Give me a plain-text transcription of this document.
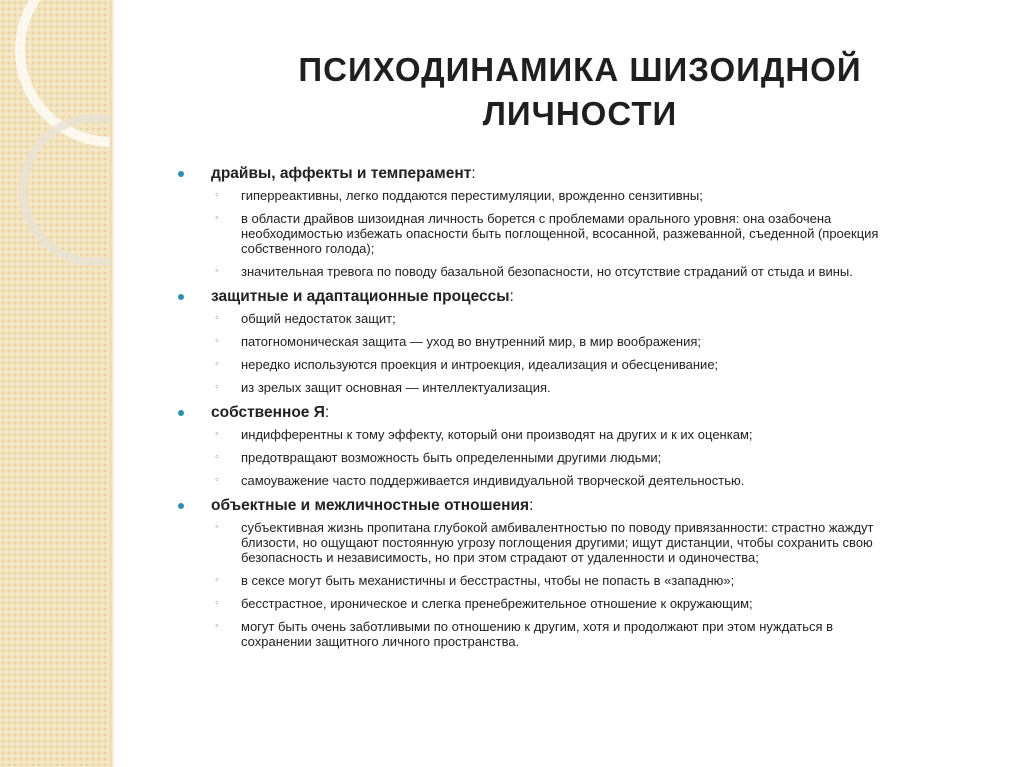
ПСИХОДИНАМИКА ШИЗОИДНОЙ
ЛИЧНОСТИ
драйвы, аффекты и темперамент:
◦ гиперреактивны, легко поддаются перестимуляции, врожденно сензитивны;
◦ в области драйвов шизоидная личность борется с проблемами орального уровня: она озабочена
необходимостью избежать опасности быть поглощенной, всосанной, разжеванной, съеденной (проекция
собственного голода);
◦ значительная тревога по поводу базальной безопасности, но отсутствие страданий от стыда и вины.
защитные и адаптационные процессы:
◦ общий недостаток защит;
◦ патогномоническая защита — уход во внутренний мир, в мир воображения;
◦ нередко используются проекция и интроекция, идеализация и обесценивание;
◦ из зрелых защит основная — интеллектуализация.
собственное Я:
◦ индифферентны к тому эффекту, который они производят на других и к их оценкам;
◦ предотвращают возможность быть определенными другими людьми;
◦ самоуважение часто поддерживается индивидуальной творческой деятельностью.
объектные и межличностные отношения:
◦ субъективная жизнь пропитана глубокой амбивалентностью по поводу привязанности: страстно жаждут
близости, но ощущают постоянную угрозу поглощения другими; ищут дистанции, чтобы сохранить свою
безопасность и независимость, но при этом страдают от удаленности и одиночества;
◦ в сексе могут быть механистичны и бесстрастны, чтобы не попасть в «западню»;
◦ бесстрастное, ироническое и слегка пренебрежительное отношение к окружающим;
◦ могут быть очень заботливыми по отношению к другим, хотя и продолжают при этом нуждаться в
сохранении защитного личного пространства.
